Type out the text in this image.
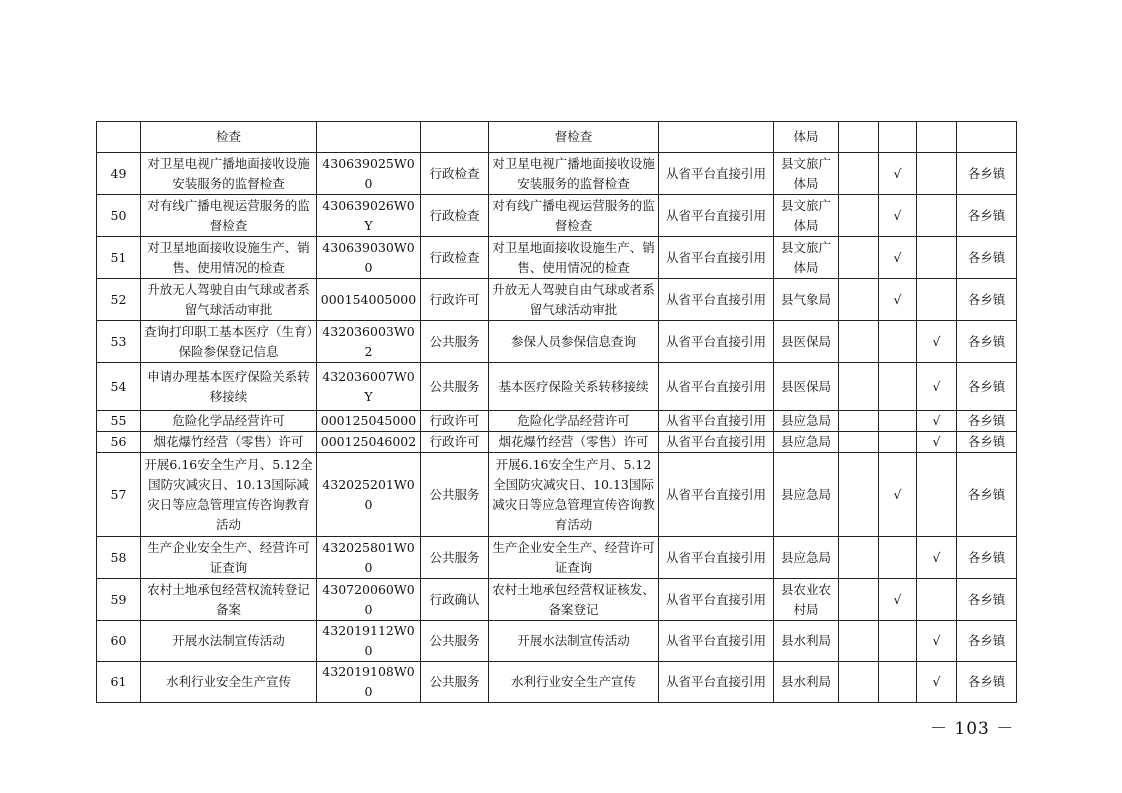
	检查			督检查		体局				
49	对卫星电视广播地面接收设施安装服务的监督检查	430639025W00	行政检查	对卫星电视广播地面接收设施安装服务的监督检查	从省平台直接引用	县文旅广体局		√		各乡镇
50	对有线广播电视运营服务的监督检查	430639026W0Y	行政检查	对有线广播电视运营服务的监督检查	从省平台直接引用	县文旅广体局		√		各乡镇
51	对卫星地面接收设施生产、销售、使用情况的检查	430639030W00	行政检查	对卫星地面接收设施生产、销售、使用情况的检查	从省平台直接引用	县文旅广体局		√		各乡镇
52	升放无人驾驶自由气球或者系留气球活动审批	000154005000	行政许可	升放无人驾驶自由气球或者系留气球活动审批	从省平台直接引用	县气象局		√		各乡镇
53	查询打印职工基本医疗（生育）保险参保登记信息	432036003W02	公共服务	参保人员参保信息查询	从省平台直接引用	县医保局			√	各乡镇
54	申请办理基本医疗保险关系转移接续	432036007W0Y	公共服务	基本医疗保险关系转移接续	从省平台直接引用	县医保局			√	各乡镇
55	危险化学品经营许可	000125045000	行政许可	危险化学品经营许可	从省平台直接引用	县应急局			√	各乡镇
56	烟花爆竹经营（零售）许可	000125046002	行政许可	烟花爆竹经营（零售）许可	从省平台直接引用	县应急局			√	各乡镇
57	开展6.16安全生产月、5.12全国防灾减灾日、10.13国际减灾日等应急管理宣传咨询教育活动	432025201W00	公共服务	开展6.16安全生产月、5.12全国防灾减灾日、10.13国际减灾日等应急管理宣传咨询教育活动	从省平台直接引用	县应急局		√		各乡镇
58	生产企业安全生产、经营许可证查询	432025801W00	公共服务	生产企业安全生产、经营许可证查询	从省平台直接引用	县应急局			√	各乡镇
59	农村土地承包经营权流转登记备案	430720060W00	行政确认	农村土地承包经营权证核发、备案登记	从省平台直接引用	县农业农村局		√		各乡镇
60	开展水法制宣传活动	432019112W00	公共服务	开展水法制宣传活动	从省平台直接引用	县水利局			√	各乡镇
61	水利行业安全生产宣传	432019108W00	公共服务	水利行业安全生产宣传	从省平台直接引用	县水利局			√	各乡镇
－ 103 －
